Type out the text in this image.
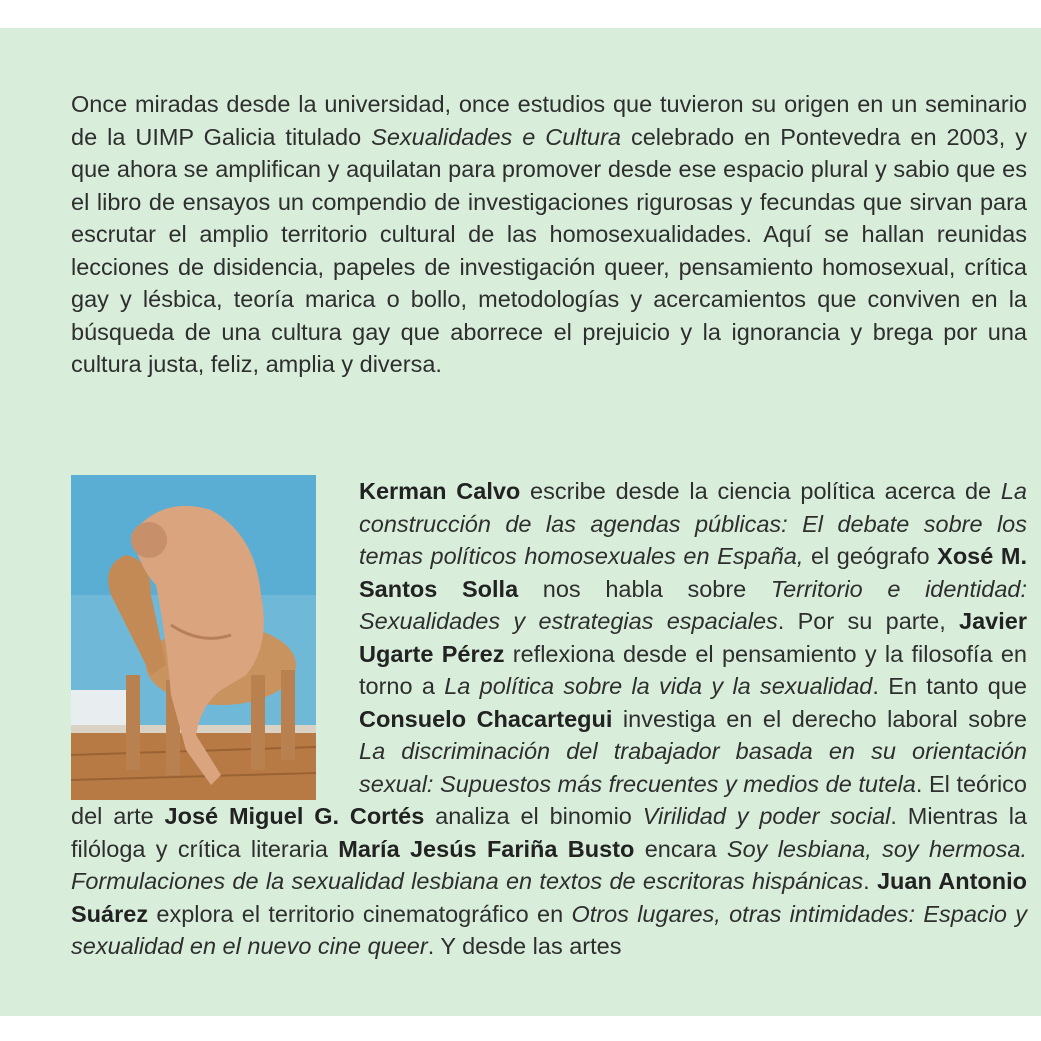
Once miradas desde la universidad, once estudios que tuvieron su origen en un seminario de la UIMP Galicia titulado Sexualidades e Cultura celebrado en Pontevedra en 2003, y que ahora se amplifican y aquilatan para promover desde ese espacio plural y sabio que es el libro de ensayos un compendio de investigaciones rigurosas y fecundas que sirvan para escrutar el amplio territorio cultural de las homosexualidades. Aquí se hallan reunidas lecciones de disidencia, papeles de investigación queer, pensamiento homosexual, crítica gay y lésbica, teoría marica o bollo, metodologías y acercamientos que conviven en la búsqueda de una cultura gay que aborrece el prejuicio y la ignorancia y brega por una cultura justa, feliz, amplia y diversa.

Kerman Calvo escribe desde la ciencia política acerca de La construcción de las agendas públicas: El debate sobre los temas políticos homosexuales en España, el geógrafo Xosé M. Santos Solla nos habla sobre Territorio e identidad: Sexualidades y estrategias espaciales. Por su parte, Javier Ugarte Pérez reflexiona desde el pensamiento y la filosofía en torno a La política sobre la vida y la sexualidad. En tanto que Consuelo Chacartegui investiga en el derecho laboral sobre La discriminación del trabajador basada en su orientación sexual: Supuestos más frecuentes y medios de tutela. El teórico del arte José Miguel G. Cortés analiza el binomio Virilidad y poder social. Mientras la filóloga y crítica literaria María Jesús Fariña Busto encara Soy lesbiana, soy hermosa. Formulaciones de la sexualidad lesbiana en textos de escritoras hispánicas. Juan Antonio Suárez explora el territorio cinematográfico en Otros lugares, otras intimidades: Espacio y sexualidad en el nuevo cine queer. Y desde las artes
